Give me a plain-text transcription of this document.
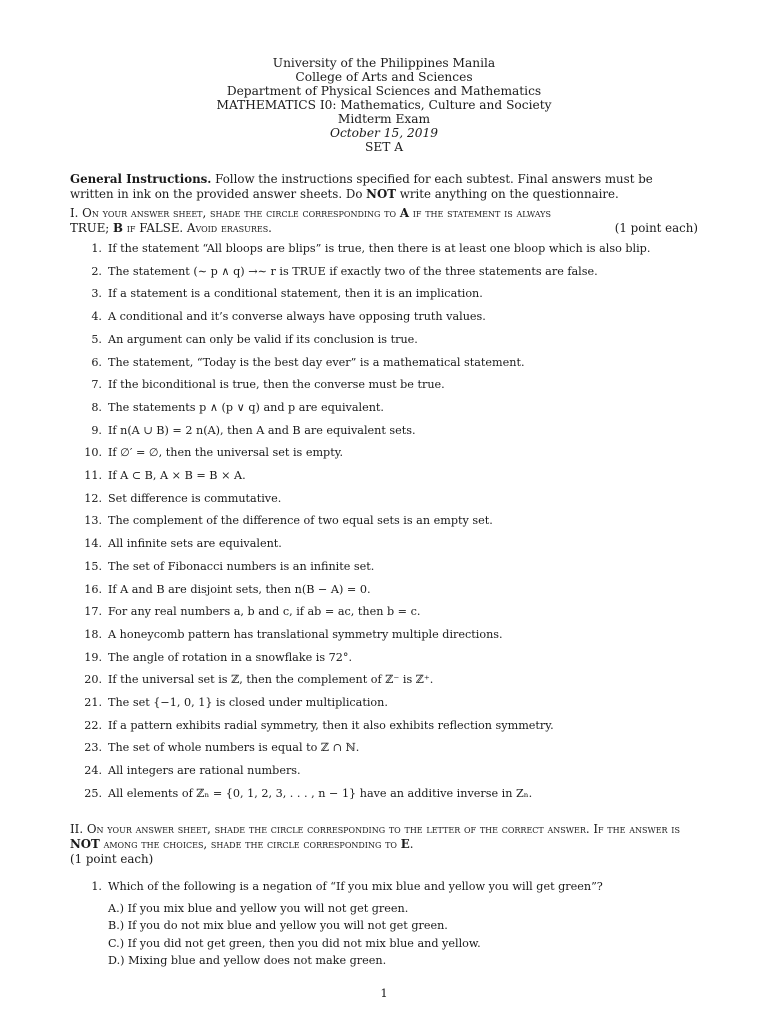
University of the Philippines Manila
College of Arts and Sciences
Department of Physical Sciences and Mathematics
MATHEMATICS I0: Mathematics, Culture and Society
Midterm Exam
October 15, 2019
SET A
General Instructions. Follow the instructions specified for each subtest. Final answers must be written in ink on the provided answer sheets. Do NOT write anything on the questionnaire.
I. On your answer sheet, shade the circle corresponding to A if the statement is always
TRUE; B if FALSE. Avoid erasures.	(1 point each)
1. If the statement “All bloops are blips” is true, then there is at least one bloop which is also blip.
2. The statement (∼ p ∧ q) →∼ r is TRUE if exactly two of the three statements are false.
3. If a statement is a conditional statement, then it is an implication.
4. A conditional and it’s converse always have opposing truth values.
5. An argument can only be valid if its conclusion is true.
6. The statement, “Today is the best day ever” is a mathematical statement.
7. If the biconditional is true, then the converse must be true.
8. The statements p ∧ (p ∨ q) and p are equivalent.
9. If n(A ∪ B) = 2 n(A), then A and B are equivalent sets.
10. If ∅′ = ∅, then the universal set is empty.
11. If A ⊂ B, A × B = B × A.
12. Set difference is commutative.
13. The complement of the difference of two equal sets is an empty set.
14. All infinite sets are equivalent.
15. The set of Fibonacci numbers is an infinite set.
16. If A and B are disjoint sets, then n(B − A) = 0.
17. For any real numbers a, b and c, if ab = ac, then b = c.
18. A honeycomb pattern has translational symmetry multiple directions.
19. The angle of rotation in a snowflake is 72°.
20. If the universal set is ℤ, then the complement of ℤ⁻ is ℤ⁺.
21. The set {−1, 0, 1} is closed under multiplication.
22. If a pattern exhibits radial symmetry, then it also exhibits reflection symmetry.
23. The set of whole numbers is equal to ℤ ∩ ℕ.
24. All integers are rational numbers.
25. All elements of ℤₙ = {0, 1, 2, 3, . . . , n − 1} have an additive inverse in Zₙ.
II. On your answer sheet, shade the circle corresponding to the letter of the correct answer. If the answer is NOT among the choices, shade the circle corresponding to E.
(1 point each)
1. Which of the following is a negation of “If you mix blue and yellow you will get green”?
A.) If you mix blue and yellow you will not get green.
B.) If you do not mix blue and yellow you will not get green.
C.) If you did not get green, then you did not mix blue and yellow.
D.) Mixing blue and yellow does not make green.
1
